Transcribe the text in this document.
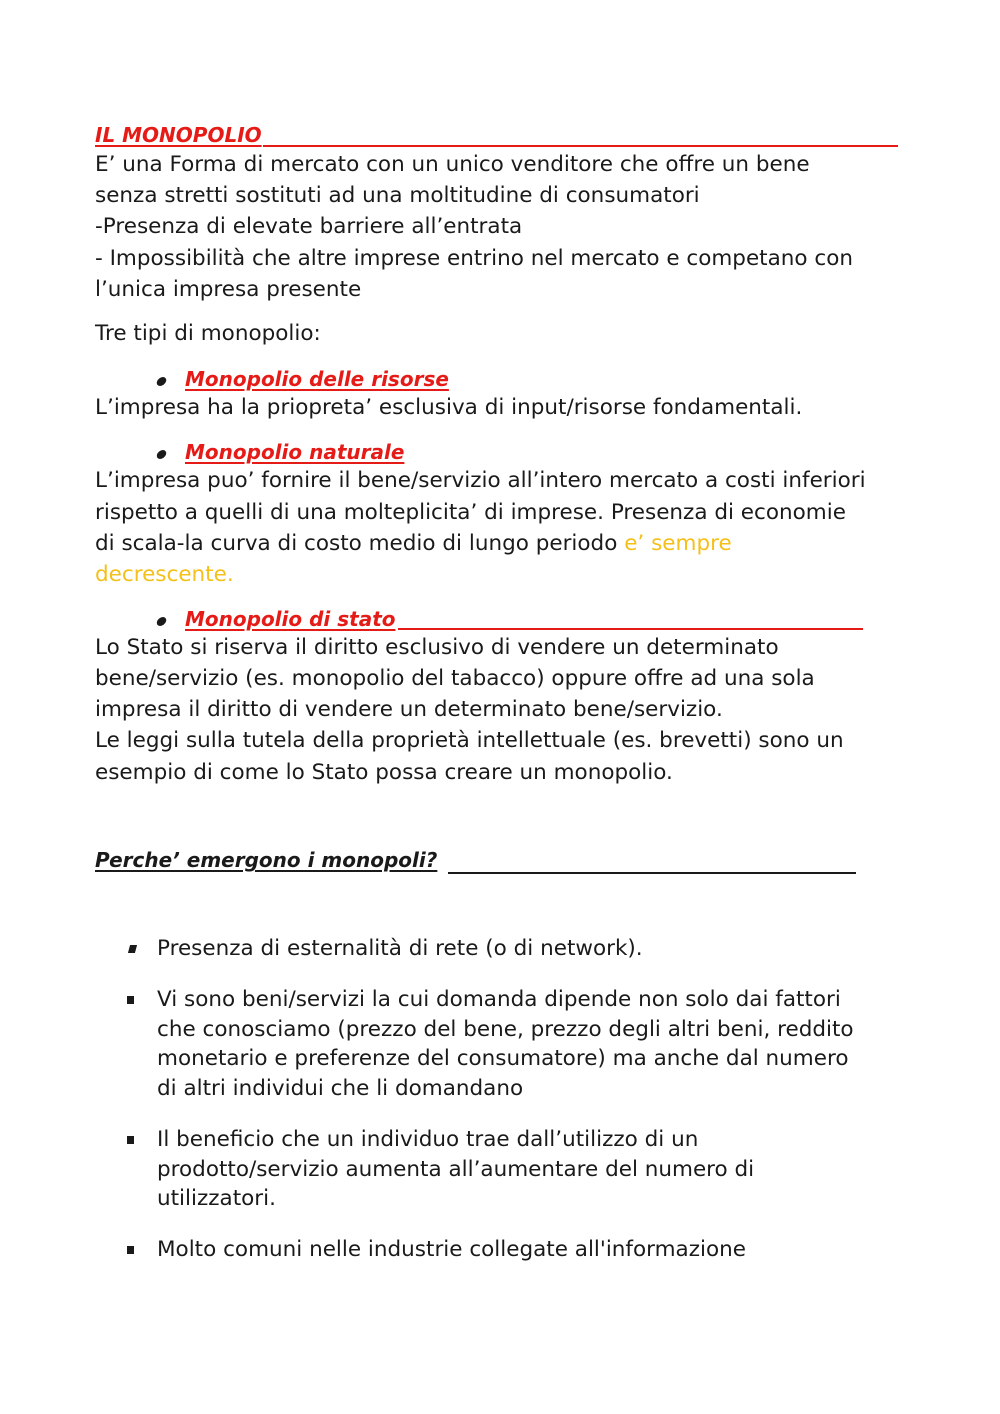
IL MONOPOLIO
E’ una Forma di mercato con un unico venditore che offre un bene
senza stretti sostituti ad una moltitudine di consumatori
-Presenza di elevate barriere all’entrata
- Impossibilità che altre imprese entrino nel mercato e competano con
l’unica impresa presente
Tre tipi di monopolio:
Monopolio delle risorse
L’impresa ha la priopreta’ esclusiva di input/risorse fondamentali.
Monopolio naturale
L’impresa puo’ fornire il bene/servizio all’intero mercato a costi inferiori
rispetto a quelli di una molteplicita’ di imprese. Presenza di economie
di scala-la curva di costo medio di lungo periodo e’ sempre
decrescente.
Monopolio di stato
Lo Stato si riserva il diritto esclusivo di vendere un determinato
bene/servizio (es. monopolio del tabacco) oppure offre ad una sola
impresa il diritto di vendere un determinato bene/servizio.
Le leggi sulla tutela della proprietà intellettuale (es. brevetti) sono un
esempio di come lo Stato possa creare un monopolio.
Perche’ emergono i monopoli?
Presenza di esternalità di rete (o di network).
Vi sono beni/servizi la cui domanda dipende non solo dai fattori
che conosciamo (prezzo del bene, prezzo degli altri beni, reddito
monetario e preferenze del consumatore) ma anche dal numero
di altri individui che li domandano
Il beneficio che un individuo trae dall’utilizzo di un
prodotto/servizio aumenta all’aumentare del numero di
utilizzatori.
Molto comuni nelle industrie collegate all'informazione
